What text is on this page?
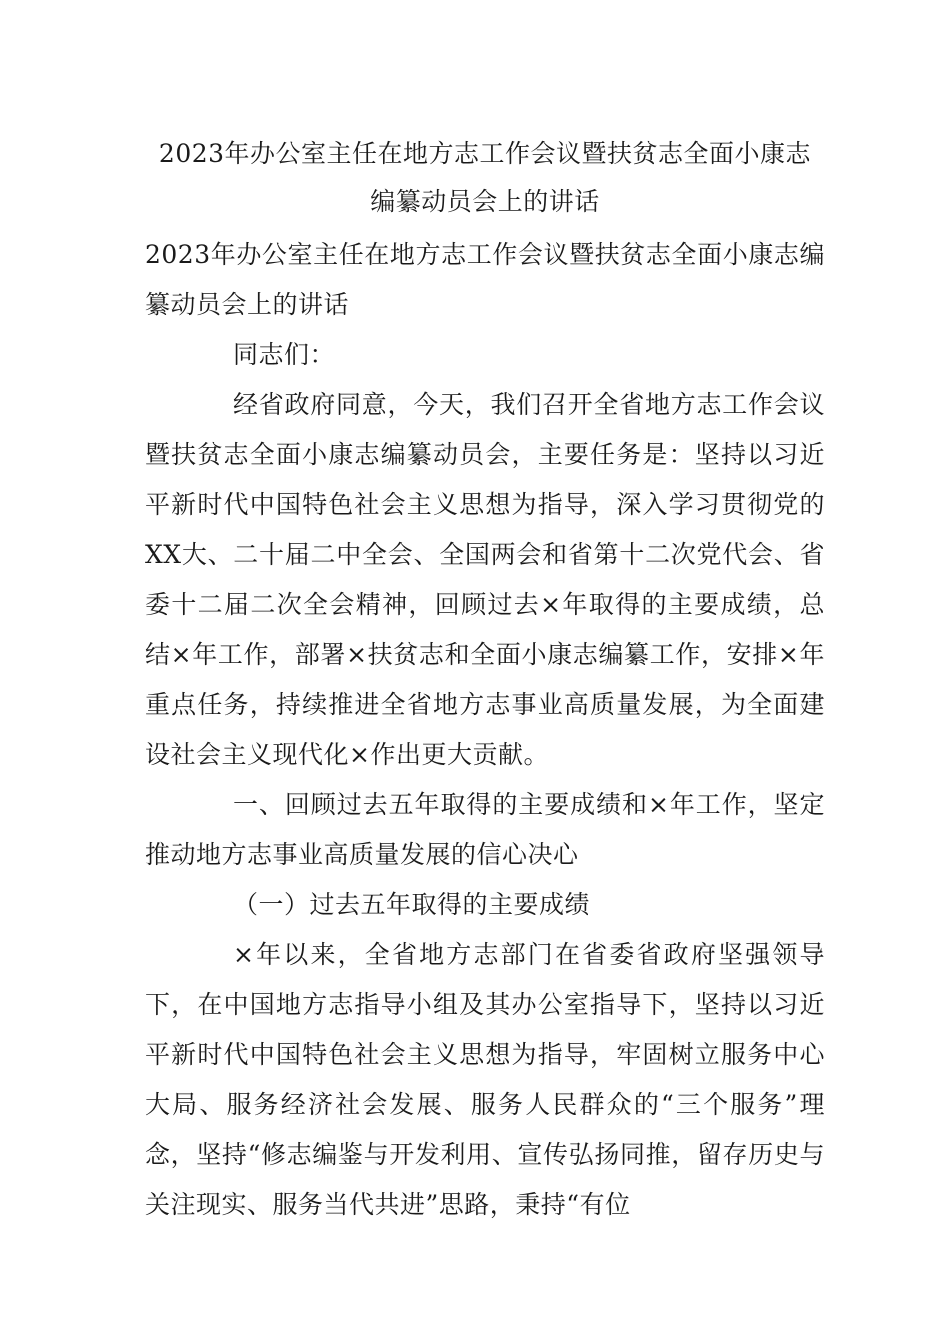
2023年办公室主任在地方志工作会议暨扶贫志全面小康志
编纂动员会上的讲话

2023年办公室主任在地方志工作会议暨扶贫志全面小康志编纂动员会上的讲话

同志们：

经省政府同意，今天，我们召开全省地方志工作会议暨扶贫志全面小康志编纂动员会，主要任务是：坚持以习近平新时代中国特色社会主义思想为指导，深入学习贯彻党的XX大、二十届二中全会、全国两会和省第十二次党代会、省委十二届二次全会精神，回顾过去×年取得的主要成绩，总结×年工作，部署×扶贫志和全面小康志编纂工作，安排×年重点任务，持续推进全省地方志事业高质量发展，为全面建设社会主义现代化×作出更大贡献。

一、回顾过去五年取得的主要成绩和×年工作，坚定推动地方志事业高质量发展的信心决心

（一）过去五年取得的主要成绩

×年以来，全省地方志部门在省委省政府坚强领导下，在中国地方志指导小组及其办公室指导下，坚持以习近平新时代中国特色社会主义思想为指导，牢固树立服务中心大局、服务经济社会发展、服务人民群众的“三个服务”理念，坚持“修志编鉴与开发利用、宣传弘扬同推，留存历史与关注现实、服务当代共进”思路，秉持“有位
